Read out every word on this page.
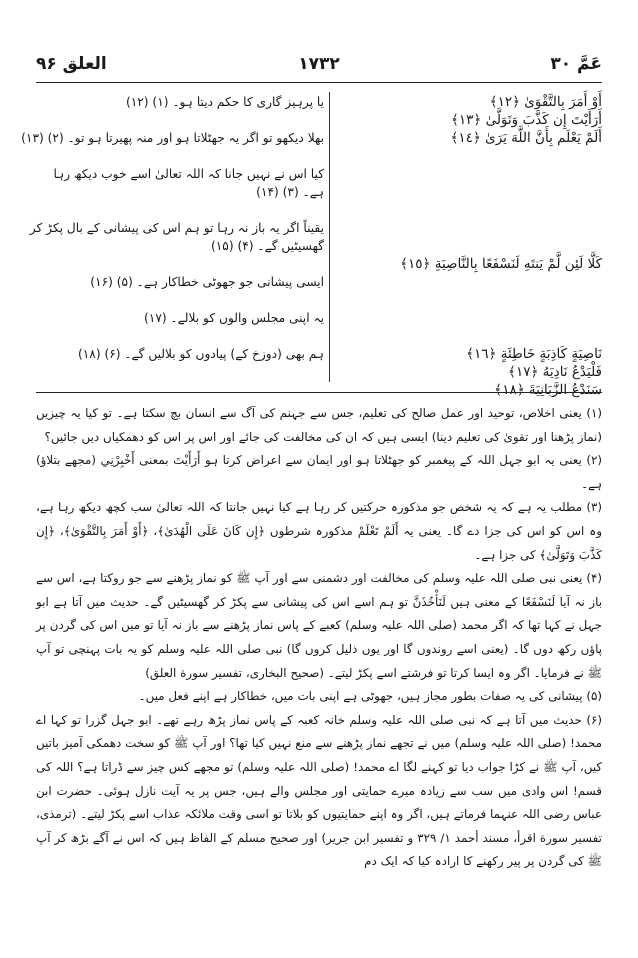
العلق ۹۶	۱۷۳۲	عَمَّ ۳۰
أَوْ أَمَرَ بِالتَّقْوَىٰ ﴿١٢﴾
أَرَأَيْتَ إِن كَذَّبَ وَتَوَلَّىٰ ﴿١٣﴾
أَلَمْ يَعْلَم بِأَنَّ اللَّهَ يَرَىٰ ﴿١٤﴾
كَلَّا لَئِن لَّمْ يَنتَهِ لَنَسْفَعًا بِالنَّاصِيَةِ ﴿١٥﴾
نَاصِيَةٍ كَاذِبَةٍ خَاطِئَةٍ ﴿١٦﴾
فَلْيَدْعُ نَادِيَهُ ﴿١٧﴾
سَنَدْعُ الزَّبَانِيَةَ ﴿١٨﴾
یا پرہیز گاری کا حکم دیتا ہو۔ (۱) (۱۲)
بھلا دیکھو تو اگر یہ جھٹلاتا ہو اور منہ پھیرتا ہو تو۔ (۲) (۱۳)
کیا اس نے نہیں جانا کہ اللہ تعالیٰ اسے خوب دیکھ رہا
ہے۔ (۳) (۱۴)
یقیناً اگر یہ باز نہ رہا تو ہم اس کی پیشانی کے بال پکڑ کر
گھسیٹیں گے۔ (۴) (۱۵)
ایسی پیشانی جو جھوٹی خطاکار ہے۔ (۵) (۱۶)
یہ اپنی مجلس والوں کو بلالے۔ (۱۷)
ہم بھی (دوزخ کے) پیادوں کو بلالیں گے۔ (۶) (۱۸)

(۱) یعنی اخلاص، توحید اور عمل صالح کی تعلیم، جس سے جہنم کی آگ سے انسان بچ سکتا ہے۔ تو کیا یہ چیزیں (نماز پڑھنا اور تقویٰ کی تعلیم دینا) ایسی ہیں کہ ان کی مخالفت کی جائے اور اس پر اس کو دھمکیاں دیں جائیں؟

(۲) یعنی یہ ابو جہل اللہ کے پیغمبر کو جھٹلاتا ہو اور ایمان سے اعراض کرتا ہو أَرَأَيْتَ بمعنی أَخْبِرْنِي (مجھے بتلاؤ) ہے۔

(۳) مطلب یہ ہے کہ یہ شخص جو مذکورہ حرکتیں کر رہا ہے کیا نہیں جانتا کہ اللہ تعالیٰ سب کچھ دیکھ رہا ہے، وہ اس کو اس کی جزا دے گا۔ یعنی یہ أَلَمْ تَعْلَمْ مذکورہ شرطوں ﴿إِن كَانَ عَلَى الْهُدَىٰ﴾، ﴿أَوْ أَمَرَ بِالتَّقْوَىٰ﴾، ﴿إِن كَذَّبَ وَتَوَلَّىٰ﴾ کی جزا ہے۔

(۴) یعنی نبی صلی اللہ علیہ وسلم کی مخالفت اور دشمنی سے اور آپ ﷺ کو نماز پڑھنے سے جو روکتا ہے، اس سے باز نہ آیا لَنَسْفَعًا کے معنی ہیں لَنَأْخُذَنَّ تو ہم اسے اس کی پیشانی سے پکڑ کر گھسیٹیں گے۔ حدیث میں آتا ہے ابو جہل نے کہا تھا کہ اگر محمد (صلی اللہ علیہ وسلم) کعبے کے پاس نماز پڑھنے سے باز نہ آیا تو میں اس کی گردن پر پاؤں رکھ دوں گا۔ (یعنی اسے روندوں گا اور یوں ذلیل کروں گا) نبی صلی اللہ علیہ وسلم کو یہ بات پہنچی تو آپ ﷺ نے فرمایا۔ اگر وہ ایسا کرتا تو فرشتے اسے پکڑ لیتے۔ (صحیح البخاری، تفسیر سورة العلق)

(۵) پیشانی کی یہ صفات بطور مجاز ہیں، جھوٹی ہے اپنی بات میں، خطاکار ہے اپنے فعل میں۔

(۶) حدیث میں آتا ہے کہ نبی صلی اللہ علیہ وسلم خانہ کعبہ کے پاس نماز پڑھ رہے تھے۔ ابو جہل گزرا تو کہا اے محمد! (صلی اللہ علیہ وسلم) میں نے تجھے نماز پڑھنے سے منع نہیں کیا تھا؟ اور آپ ﷺ کو سخت دھمکی آمیز باتیں کیں، آپ ﷺ نے کڑا جواب دیا تو کہنے لگا اے محمد! (صلی اللہ علیہ وسلم) تو مجھے کس چیز سے ڈراتا ہے؟ اللہ کی قسم! اس وادی میں سب سے زیادہ میرے حمایتی اور مجلس والے ہیں، جس پر یہ آیت نازل ہوئی۔ حضرت ابن عباس رضی اللہ عنہما فرماتے ہیں، اگر وہ اپنے حمایتیوں کو بلاتا تو اسی وقت ملائکہ عذاب اسے پکڑ لیتے۔ (ترمذی، تفسیر سورة اقرأ، مسند أحمد ۱/ ۳۲۹ و تفسیر ابن جریر) اور صحیح مسلم کے الفاظ ہیں کہ اس نے آگے بڑھ کر آپ ﷺ کی گردن پر پیر رکھنے کا ارادہ کیا کہ ایک دم
